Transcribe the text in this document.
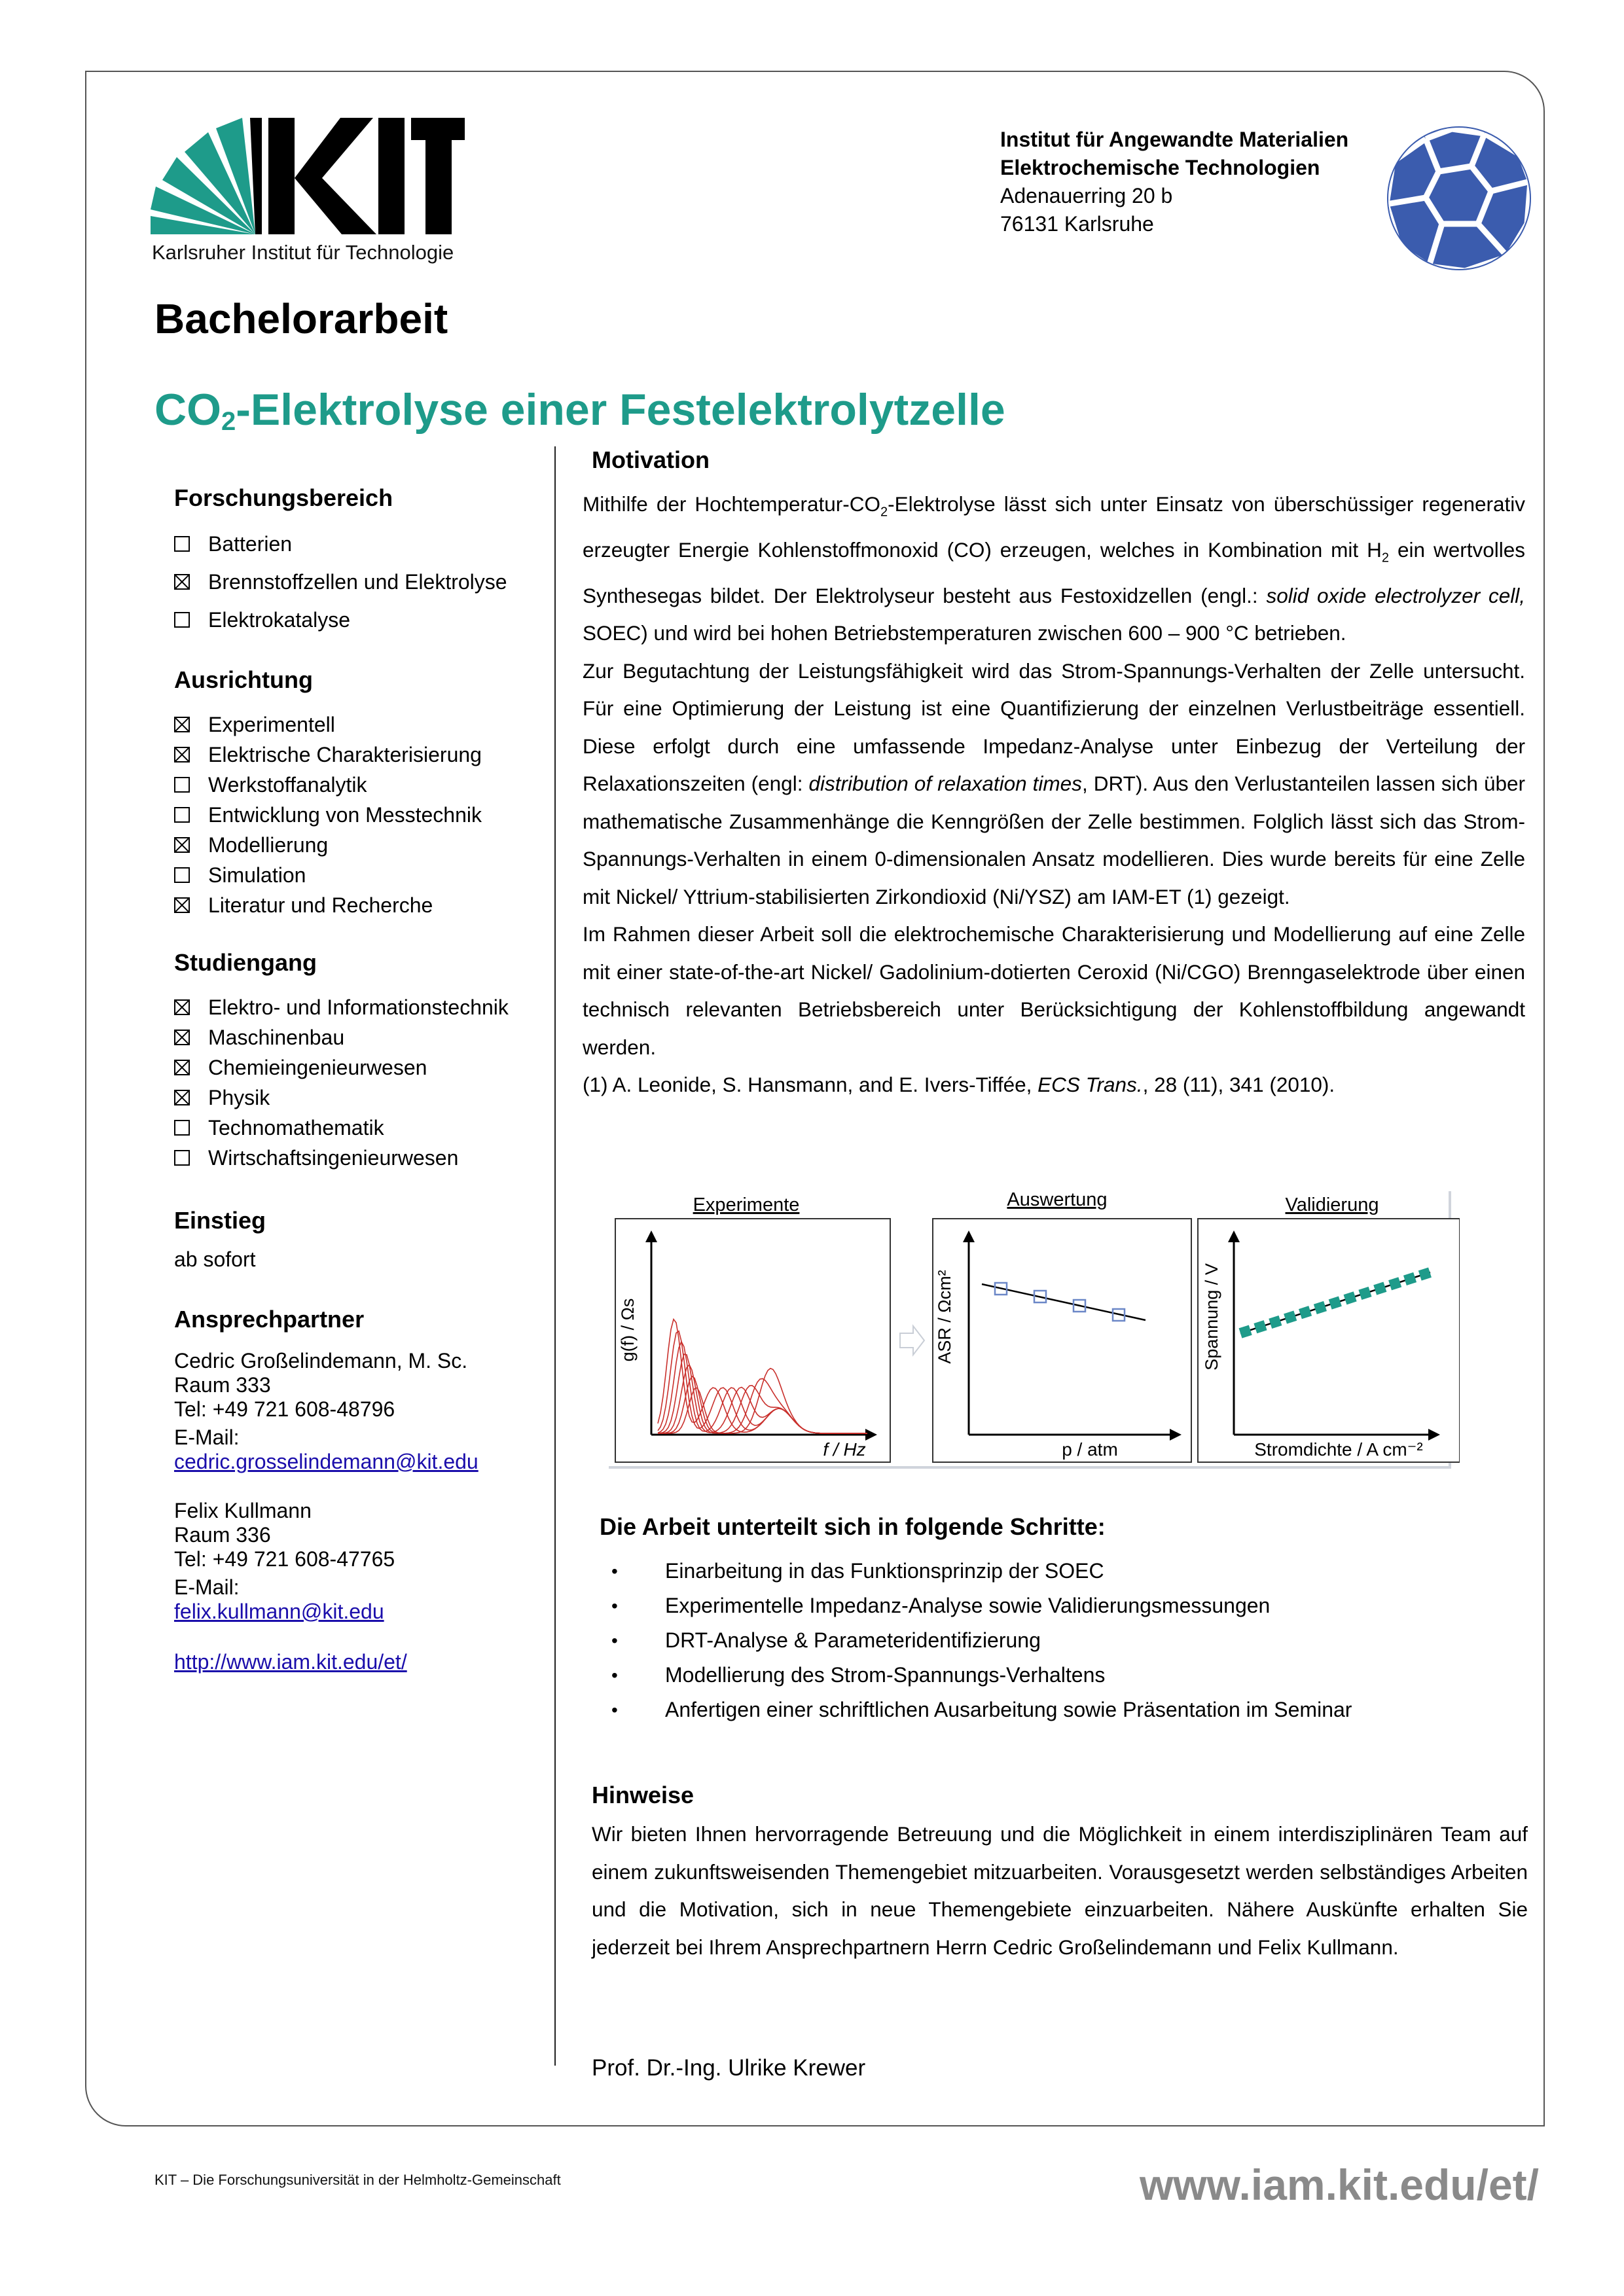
Karlsruher Institut für Technologie
Institut für Angewandte Materialien
Elektrochemische Technologien
Adenauerring 20 b
76131 Karlsruhe
Bachelorarbeit
$CO_2$-Elektrolyse einer Festelektrolytzelle
Forschungsbereich
Batterien
Brennstoffzellen und Elektrolyse
Elektrokatalyse
Ausrichtung
Experimentell
Elektrische Charakterisierung
Werkstoffanalytik
Entwicklung von Messtechnik
Modellierung
Simulation
Literatur und Recherche
Studiengang
Elektro- und Informationstechnik
Maschinenbau
Chemieingenieurwesen
Physik
Technomathematik
Wirtschaftsingenieurwesen
Einstieg
ab sofort
Ansprechpartner
Cedric Großelindemann, M. Sc.
Raum 333
Tel: +49 721 608-48796
E-Mail:
cedric.grosselindemann@kit.edu
Felix Kullmann
Raum 336
Tel: +49 721 608-47765
E-Mail:
felix.kullmann@kit.edu
http://www.iam.kit.edu/et/
Motivation
Mithilfe der Hochtemperatur-$CO_2$-Elektrolyse lässt sich unter Einsatz von überschüssiger regenerativ erzeugter Energie Kohlenstoffmonoxid (CO) erzeugen, welches in Kombination mit $H_2$ ein wertvolles Synthesegas bildet. Der Elektrolyseur besteht aus Festoxidzellen (engl.: solid oxide electrolyzer cell, SOEC) und wird bei hohen Betriebstemperaturen zwischen 600 – 900 °C betrieben.
Zur Begutachtung der Leistungsfähigkeit wird das Strom-Spannungs-Verhalten der Zelle untersucht. Für eine Optimierung der Leistung ist eine Quantifizierung der einzelnen Verlustbeiträge essentiell. Diese erfolgt durch eine umfassende Impedanz-Analyse unter Einbezug der Verteilung der Relaxationszeiten (engl: distribution of relaxation times, DRT). Aus den Verlustanteilen lassen sich über mathematische Zusammenhänge die Kenngrößen der Zelle bestimmen. Folglich lässt sich das Strom-Spannungs-Verhalten in einem 0-dimensionalen Ansatz modellieren. Dies wurde bereits für eine Zelle mit Nickel/ Yttrium-stabilisierten Zirkondioxid (Ni/YSZ) am IAM-ET (1) gezeigt.
Im Rahmen dieser Arbeit soll die elektrochemische Charakterisierung und Modellierung auf eine Zelle mit einer state-of-the-art Nickel/ Gadolinium-dotierten Ceroxid (Ni/CGO) Brenngaselektrode über einen technisch relevanten Betriebsbereich unter Berücksichtigung der Kohlenstoffbildung angewandt werden.
(1) A. Leonide, S. Hansmann, and E. Ivers-Tiffée, ECS Trans., 28 (11), 341 (2010).
Experimente
g(f) / Ωs
f / Hz
Auswertung
ASR / Ωcm²
p / atm
Validierung
Spannung / V
Stromdichte / A cm⁻²
Die Arbeit unterteilt sich in folgende Schritte:
• Einarbeitung in das Funktionsprinzip der SOEC
• Experimentelle Impedanz-Analyse sowie Validierungsmessungen
• DRT-Analyse & Parameteridentifizierung
• Modellierung des Strom-Spannungs-Verhaltens
• Anfertigen einer schriftlichen Ausarbeitung sowie Präsentation im Seminar
Hinweise
Wir bieten Ihnen hervorragende Betreuung und die Möglichkeit in einem interdisziplinären Team auf einem zukunftsweisenden Themengebiet mitzuarbeiten. Vorausgesetzt werden selbständiges Arbeiten und die Motivation, sich in neue Themengebiete einzuarbeiten. Nähere Auskünfte erhalten Sie jederzeit bei Ihrem Ansprechpartnern Herrn Cedric Großelindemann und Felix Kullmann.
Prof. Dr.-Ing. Ulrike Krewer
KIT – Die Forschungsuniversität in der Helmholtz-Gemeinschaft	www.iam.kit.edu/et/
